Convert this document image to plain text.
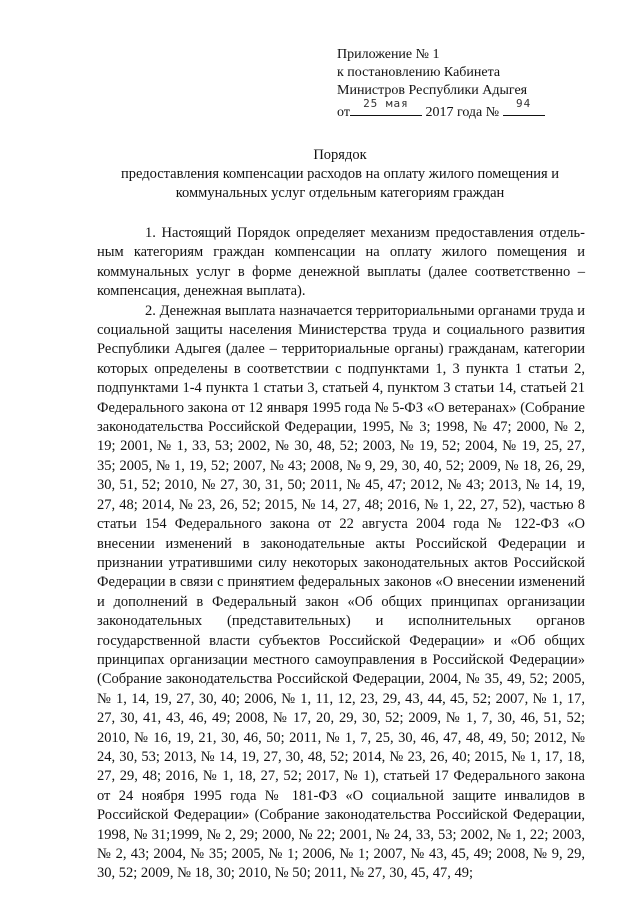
Приложение № 1
к постановлению Кабинета
Министров Республики Адыгея
от
25 мая
2017 года №
94
Порядок
предоставления компенсации расходов на оплату жилого помещения и
коммунальных услуг отдельным категориям граждан

1. Настоящий Порядок определяет механизм предоставления отдельным категориям граждан компенсации на оплату жилого помещения и коммунальных услуг в форме денежной выплаты (далее соответственно – компенсация, денежная выплата).

2. Денежная выплата назначается территориальными органами труда и социальной защиты населения Министерства труда и социального развития Республики Адыгея (далее – территориальные органы) гражданам, категории которых определены в соответствии с подпунктами 1, 3 пункта 1 статьи 2, подпунктами 1-4 пункта 1 статьи 3, статьей 4, пунктом 3 статьи 14, статьей 21 Федерального закона от 12 января 1995 года № 5-ФЗ «О ветеранах» (Собрание законодательства Российской Федерации, 1995, № 3; 1998, № 47; 2000, № 2, 19; 2001, № 1, 33, 53; 2002, № 30, 48, 52; 2003, № 19, 52; 2004, № 19, 25, 27, 35; 2005, № 1, 19, 52; 2007, № 43; 2008, № 9, 29, 30, 40, 52; 2009, № 18, 26, 29, 30, 51, 52; 2010, № 27, 30, 31, 50; 2011, № 45, 47; 2012, № 43; 2013, № 14, 19, 27, 48; 2014, № 23, 26, 52; 2015, № 14, 27, 48; 2016, № 1, 22, 27, 52), частью 8 статьи 154 Федерального закона от 22 августа 2004 года № 122-ФЗ «О внесении изменений в законодательные акты Российской Федерации и признании утратившими силу некоторых законодательных актов Российской Федерации в связи с принятием федеральных законов «О внесении изменений и дополнений в Федеральный закон «Об общих принципах организации законодательных (представительных) и исполнительных органов государственной власти субъектов Российской Федерации» и «Об общих принципах организации местного самоуправления в Российской Федерации» (Собрание законодательства Российской Федерации, 2004, № 35, 49, 52; 2005, № 1, 14, 19, 27, 30, 40; 2006, № 1, 11, 12, 23, 29, 43, 44, 45, 52; 2007, № 1, 17, 27, 30, 41, 43, 46, 49; 2008, № 17, 20, 29, 30, 52; 2009, № 1, 7, 30, 46, 51, 52; 2010, № 16, 19, 21, 30, 46, 50; 2011, № 1, 7, 25, 30, 46, 47, 48, 49, 50; 2012, № 24, 30, 53; 2013, № 14, 19, 27, 30, 48, 52; 2014, № 23, 26, 40; 2015, № 1, 17, 18, 27, 29, 48; 2016, № 1, 18, 27, 52; 2017, № 1), статьей 17 Федерального закона от 24 ноября 1995 года № 181-ФЗ «О социальной защите инвалидов в Российской Федерации» (Собрание законодательства Российской Федерации, 1998, № 31;1999, № 2, 29; 2000, № 22; 2001, № 24, 33, 53; 2002, № 1, 22; 2003, № 2, 43; 2004, № 35; 2005, № 1; 2006, № 1; 2007, № 43, 45, 49; 2008, № 9, 29, 30, 52; 2009, № 18, 30; 2010, № 50; 2011, № 27, 30, 45, 47, 49;
